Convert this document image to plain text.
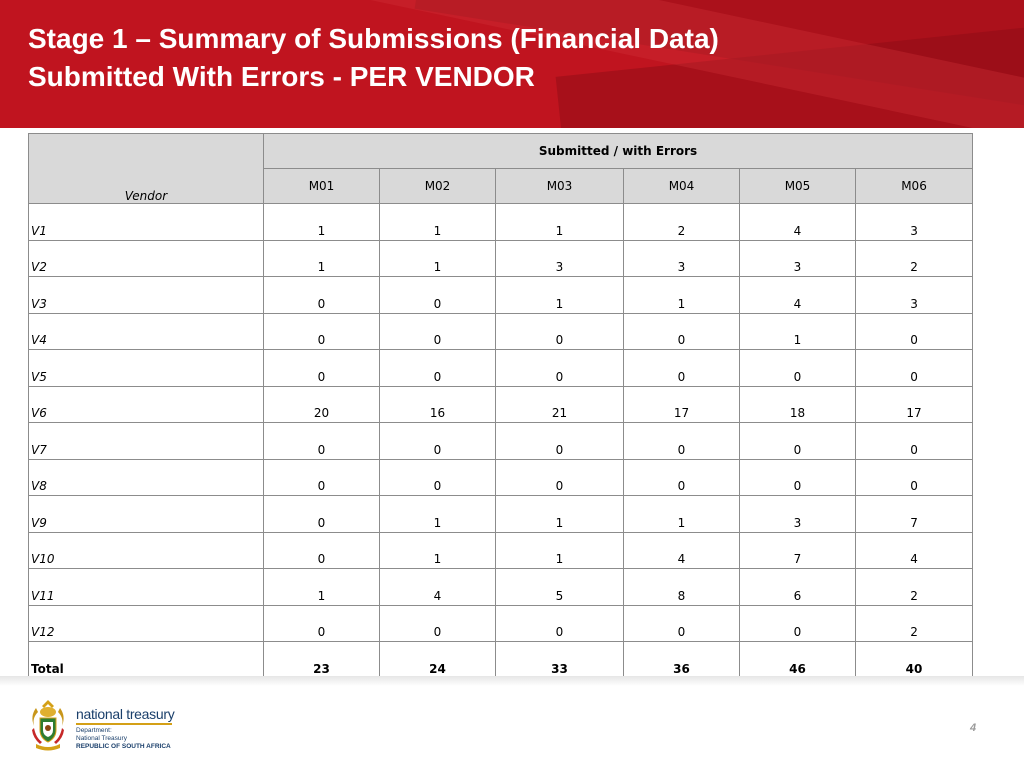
Stage 1 – Summary of Submissions (Financial Data)
Submitted With Errors - PER VENDOR
Vendor	Submitted / with Errors					
	M01	M02	M03	M04	M05	M06
V1	1	1	1	2	4	3
V2	1	1	3	3	3	2
V3	0	0	1	1	4	3
V4	0	0	0	0	1	0
V5	0	0	0	0	0	0
V6	20	16	21	17	18	17
V7	0	0	0	0	0	0
V8	0	0	0	0	0	0
V9	0	1	1	1	3	7
V10	0	1	1	4	7	4
V11	1	4	5	8	6	2
V12	0	0	0	0	0	2
Total	23	24	33	36	46	40
national treasury
Department:
National Treasury
REPUBLIC OF SOUTH AFRICA
4
